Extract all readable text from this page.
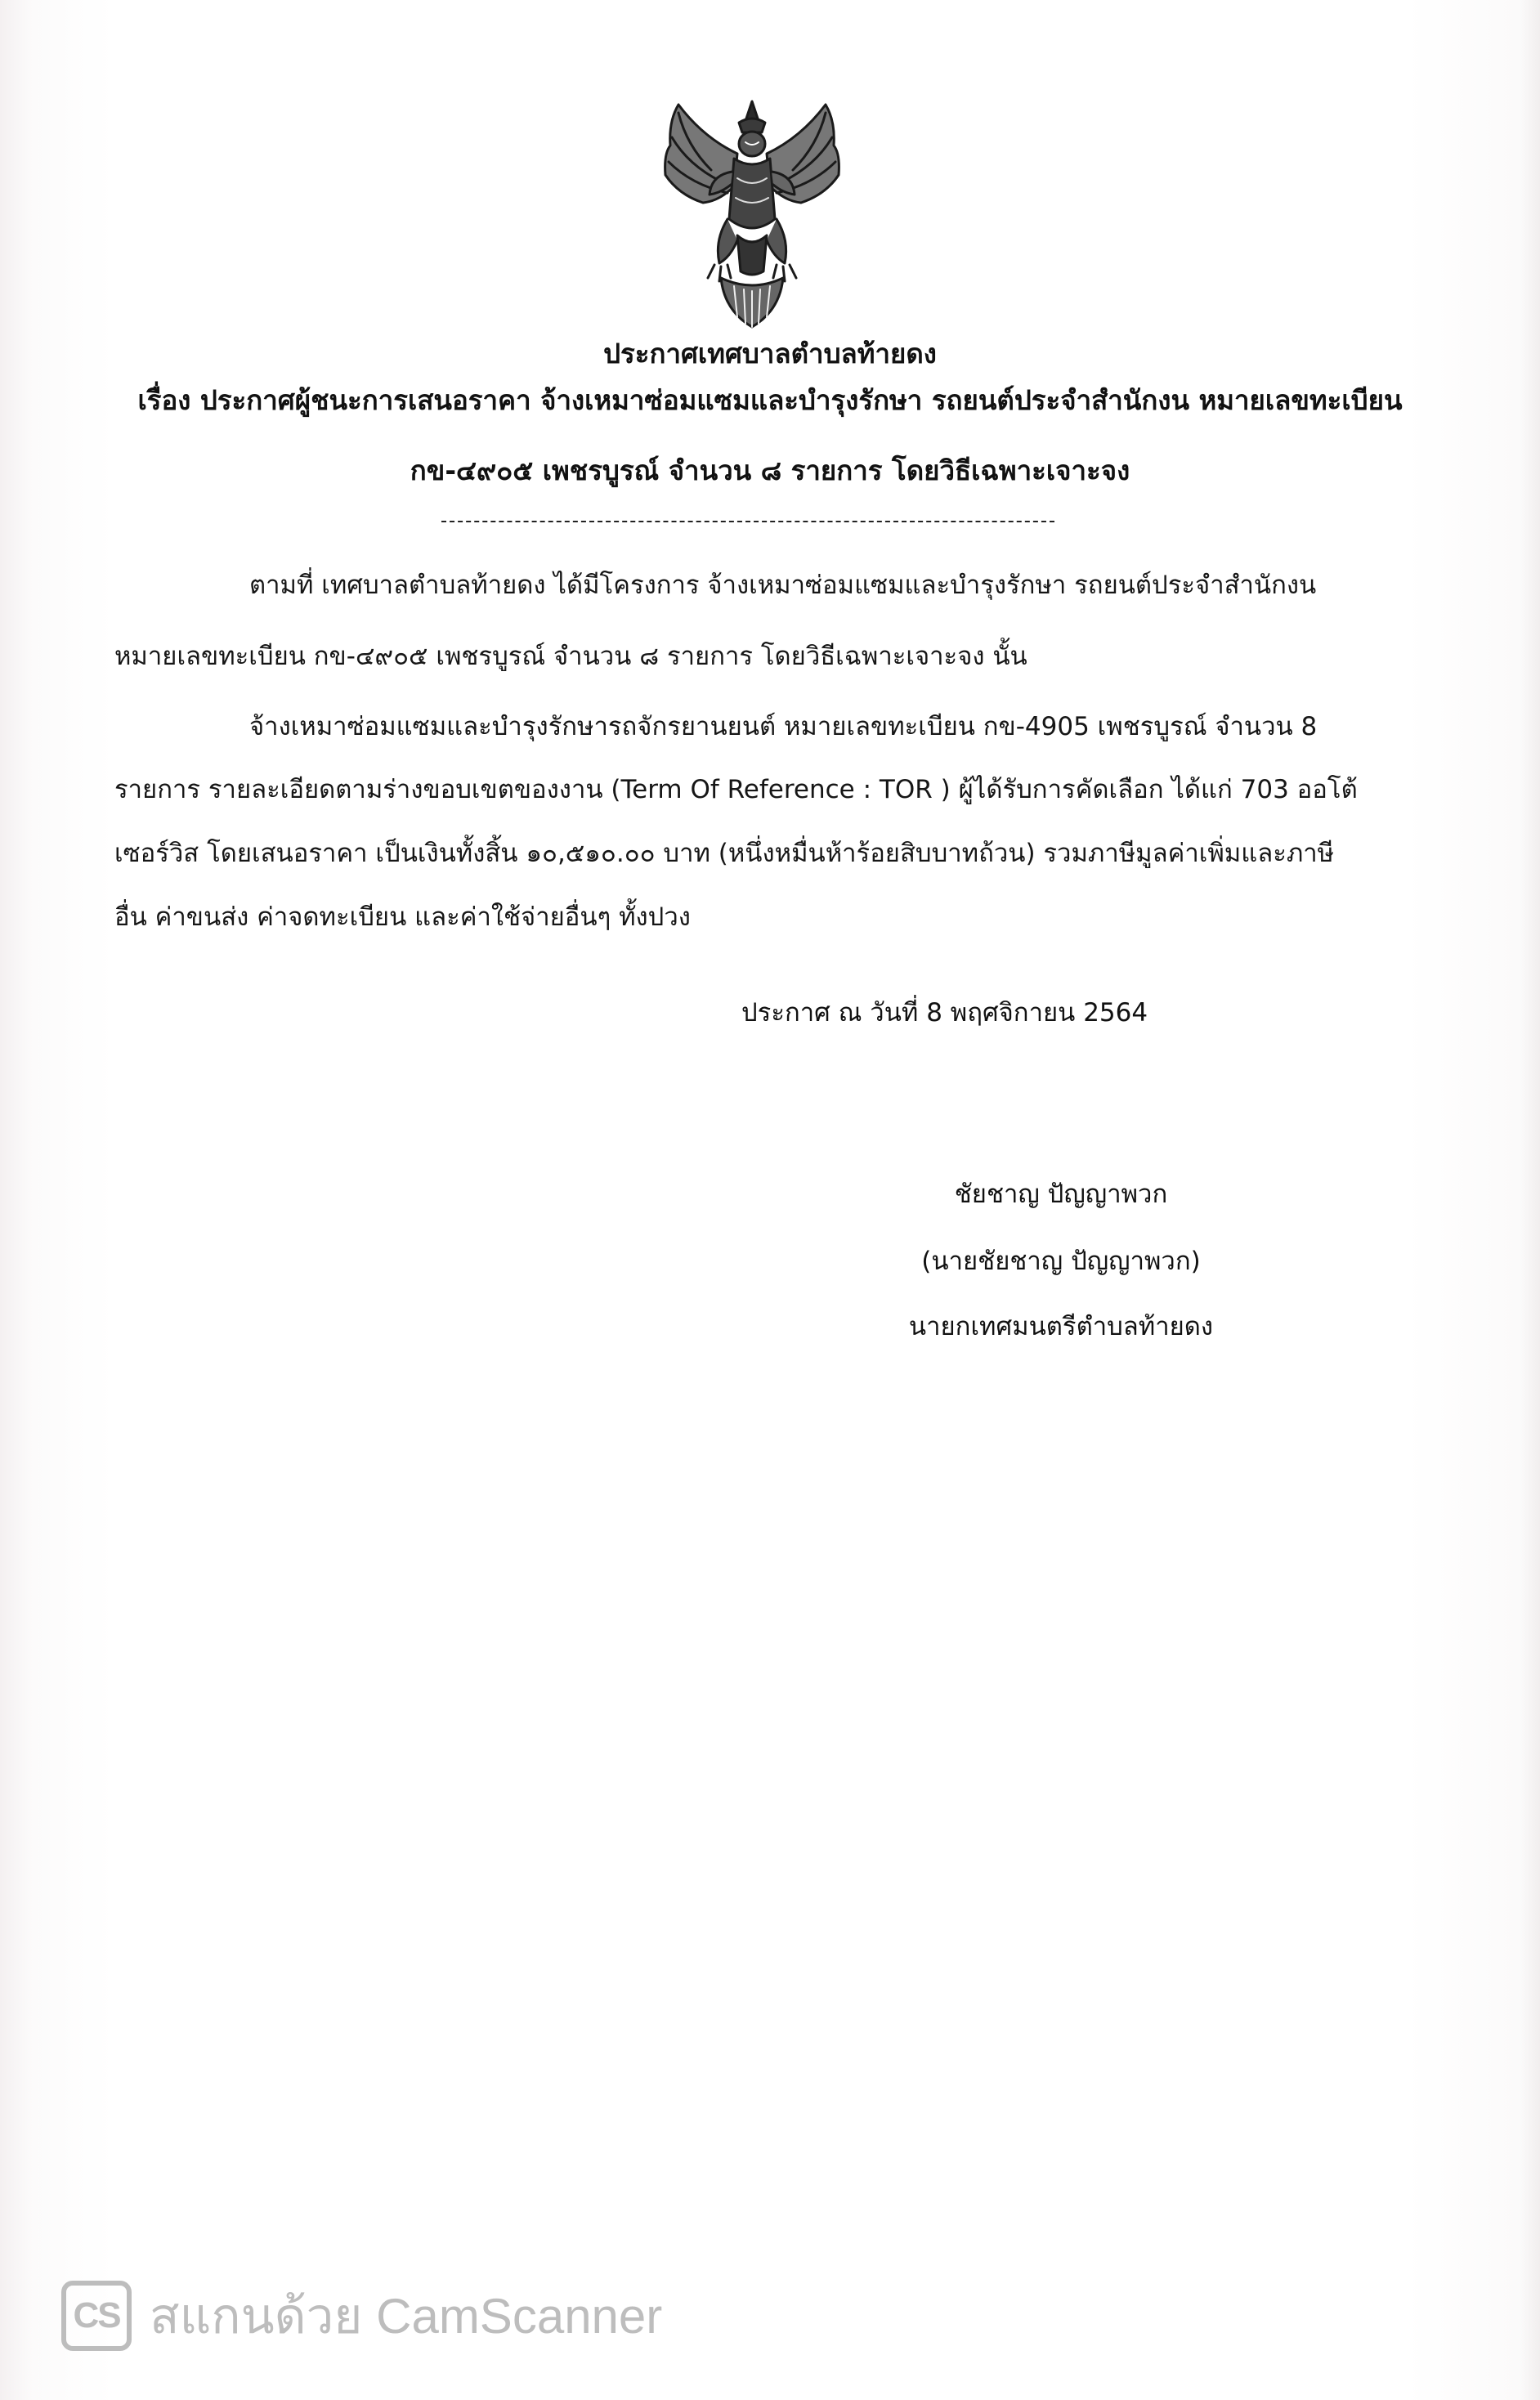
ประกาศเทศบาลตำบลท้ายดง
เรื่อง ประกาศผู้ชนะการเสนอราคา จ้างเหมาซ่อมแซมและบำรุงรักษา รถยนต์ประจำสำนักงน หมายเลขทะเบียน
กข-๔๙๐๕ เพชรบูรณ์ จำนวน ๘ รายการ โดยวิธีเฉพาะเจาะจง
ตามที่ เทศบาลตำบลท้ายดง ได้มีโครงการ จ้างเหมาซ่อมแซมและบำรุงรักษา รถยนต์ประจำสำนักงน
หมายเลขทะเบียน กข-๔๙๐๕ เพชรบูรณ์ จำนวน ๘ รายการ โดยวิธีเฉพาะเจาะจง นั้น
จ้างเหมาซ่อมแซมและบำรุงรักษารถจักรยานยนต์ หมายเลขทะเบียน กข-4905 เพชรบูรณ์ จำนวน 8
รายการ รายละเอียดตามร่างขอบเขตของงาน (Term Of Reference : TOR ) ผู้ได้รับการคัดเลือก ได้แก่ 703 ออโต้
เซอร์วิส โดยเสนอราคา เป็นเงินทั้งสิ้น ๑๐,๕๑๐.๐๐ บาท (หนึ่งหมื่นห้าร้อยสิบบาทถ้วน) รวมภาษีมูลค่าเพิ่มและภาษี
อื่น ค่าขนส่ง ค่าจดทะเบียน และค่าใช้จ่ายอื่นๆ ทั้งปวง
ประกาศ ณ วันที่ 8 พฤศจิกายน 2564
ชัยชาญ ปัญญาพวก
(นายชัยชาญ ปัญญาพวก)
นายกเทศมนตรีตำบลท้ายดง
CS สแกนด้วย CamScanner
